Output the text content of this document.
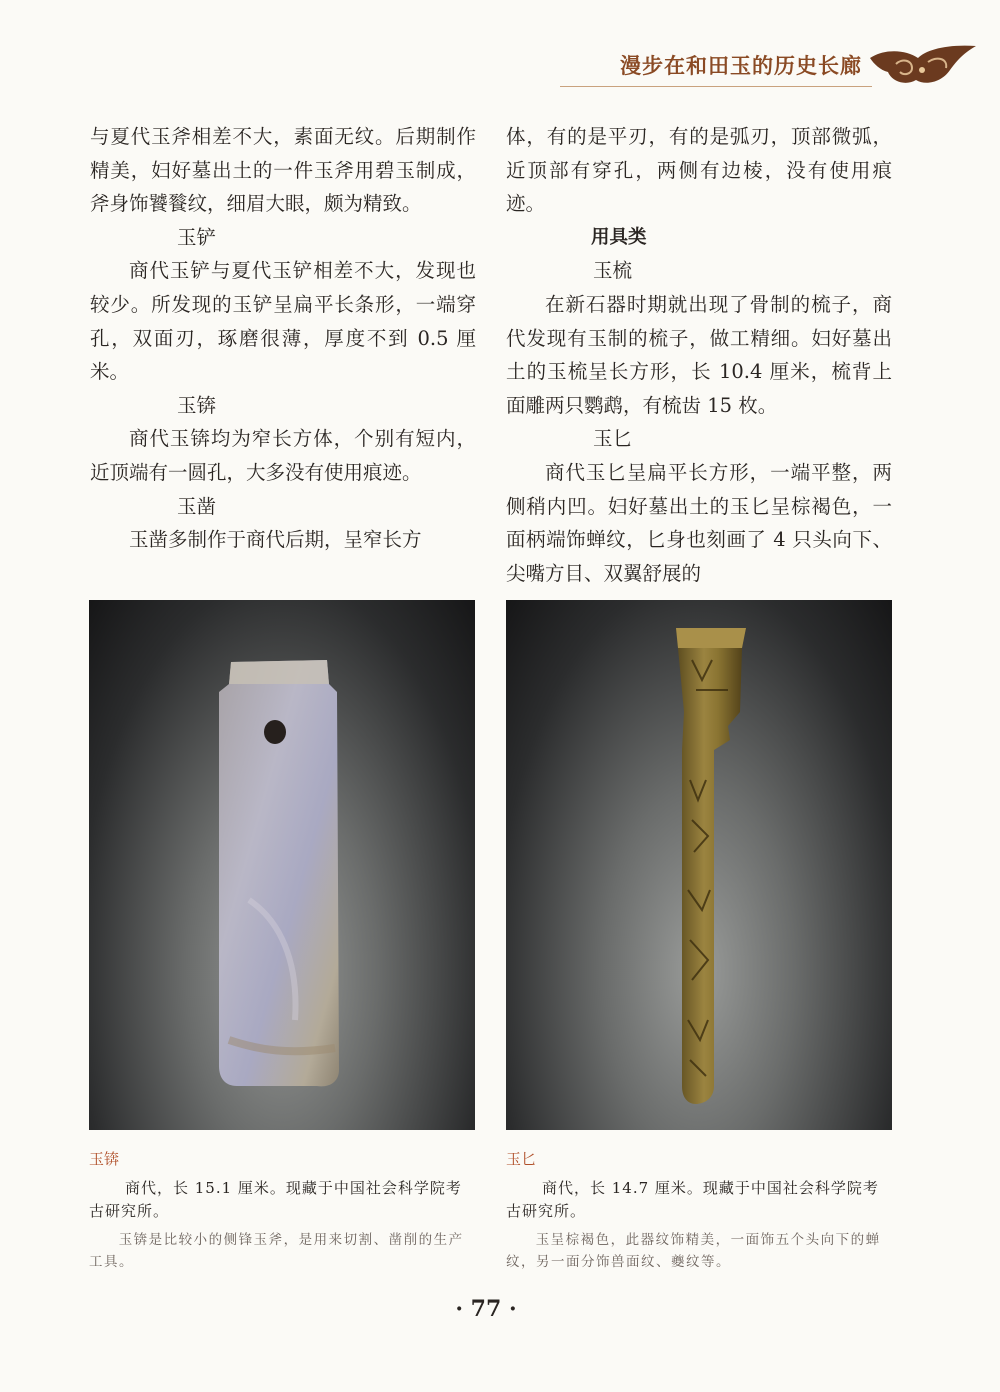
漫步在和田玉的历史长廊

与夏代玉斧相差不大，素面无纹。后期制作精美，妇好墓出土的一件玉斧用碧玉制成，斧身饰饕餮纹，细眉大眼，颇为精致。

玉铲

商代玉铲与夏代玉铲相差不大，发现也较少。所发现的玉铲呈扁平长条形，一端穿孔，双面刃，琢磨很薄，厚度不到 0.5 厘米。

玉锛

商代玉锛均为窄长方体，个别有短内，近顶端有一圆孔，大多没有使用痕迹。

玉凿

玉凿多制作于商代后期，呈窄长方

体，有的是平刃，有的是弧刃，顶部微弧，近顶部有穿孔，两侧有边棱，没有使用痕迹。

用具类

玉梳

在新石器时期就出现了骨制的梳子，商代发现有玉制的梳子，做工精细。妇好墓出土的玉梳呈长方形，长 10.4 厘米，梳背上面雕两只鹦鹉，有梳齿 15 枚。

玉匕

商代玉匕呈扁平长方形，一端平整，两侧稍内凹。妇好墓出土的玉匕呈棕褐色，一面柄端饰蝉纹，匕身也刻画了 4 只头向下、尖嘴方目、双翼舒展的

玉锛

商代，长 15.1 厘米。现藏于中国社会科学院考古研究所。

玉锛是比较小的侧锋玉斧，是用来切割、凿削的生产工具。

玉匕

商代，长 14.7 厘米。现藏于中国社会科学院考古研究所。

玉呈棕褐色，此器纹饰精美，一面饰五个头向下的蝉纹，另一面分饰兽面纹、夔纹等。

· 77 ·
